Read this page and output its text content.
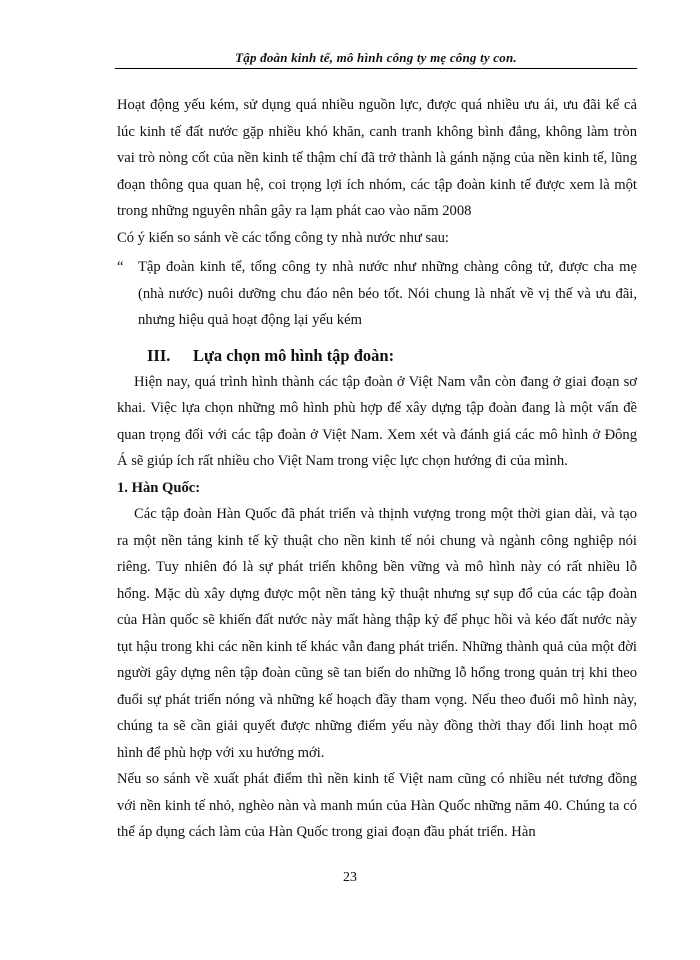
Tập đoàn kinh tế, mô hình công ty mẹ công ty con.

Hoạt động yếu kém, sử dụng quá nhiều nguồn lực, được quá nhiều ưu ái, ưu đãi kể cả lúc kinh tế đất nước gặp nhiều khó khăn, canh tranh không bình đẳng, không làm tròn vai trò nòng cốt của nền kinh tế thậm chí đã trở thành là gánh nặng của nền kinh tế, lũng đoạn thông qua quan hệ, coi trọng lợi ích nhóm, các tập đoàn kinh tế được xem là một trong những nguyên nhân gây ra lạm phát cao vào năm 2008

Có ý kiến so sánh về các tổng công ty nhà nước như sau:

“ Tập đoàn kinh tế, tổng công ty nhà nước như những chàng công tử, được cha mẹ (nhà nước) nuôi dưỡng chu đáo nên béo tốt. Nói chung là nhất về vị thế và ưu đãi, nhưng hiệu quả hoạt động lại yếu kém
III. Lựa chọn mô hình tập đoàn:

Hiện nay, quá trình hình thành các tập đoàn ở Việt Nam vẫn còn đang ở giai đoạn sơ khai. Việc lựa chọn những mô hình phù hợp để xây dựng tập đoàn đang là một vấn đề quan trọng đối với các tập đoàn ở Việt Nam. Xem xét và đánh giá các mô hình ở Đông Á sẽ giúp ích rất nhiều cho Việt Nam trong việc lực chọn hướng đi của mình.

1. Hàn Quốc:

Các tập đoàn Hàn Quốc đã phát triển và thịnh vượng trong một thời gian dài, và tạo ra một nền tảng kinh tế kỹ thuật cho nền kinh tế nói chung và ngành công nghiệp nói riêng. Tuy nhiên đó là sự phát triển không bền vững và mô hình này có rất nhiều lỗ hổng. Mặc dù xây dựng được một nền tảng kỹ thuật nhưng sự sụp đổ của các tập đoàn của Hàn quốc sẽ khiến đất nước này mất hàng thập kỷ để phục hồi và kéo đất nước này tụt hậu trong khi các nền kinh tế khác vẫn đang phát triển. Những thành quả của một đời người gây dựng nên tập đoàn cũng sẽ tan biến do những lỗ hổng trong quản trị khi theo đuổi sự phát triển nóng và những kế hoạch đầy tham vọng. Nếu theo đuổi mô hình này, chúng ta sẽ cần giải quyết được những điểm yếu này đồng thời thay đổi linh hoạt mô hình để phù hợp với xu hướng mới.

Nếu so sánh về xuất phát điểm thì nền kinh tế Việt nam cũng có nhiều nét tương đồng với nền kinh tế nhỏ, nghèo nàn và manh mún của Hàn Quốc những năm 40. Chúng ta có thể áp dụng cách làm của Hàn Quốc trong giai đoạn đầu phát triển. Hàn

23
